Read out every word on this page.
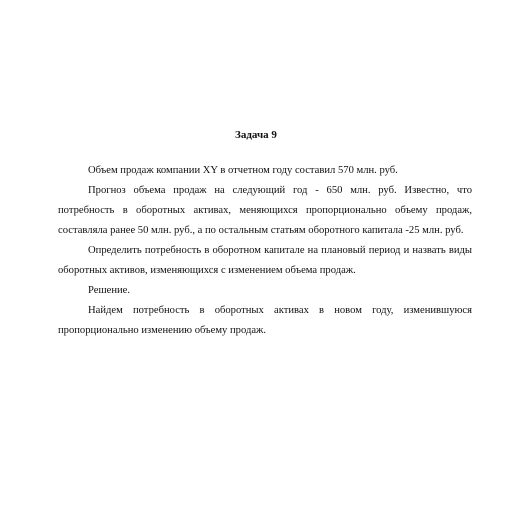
Задача 9

Объем продаж компании XY в отчетном году составил 570 млн. руб.

Прогноз объема продаж на следующий год - 650 млн. руб. Известно, что потребность в оборотных активах, меняющихся пропорционально объему продаж, составляла ранее 50 млн. руб., а по остальным статьям оборотного капитала -25 млн. руб.

Определить потребность в оборотном капитале на плановый период и назвать виды оборотных активов, изменяющихся с изменением объема продаж.

Решение.

Найдем потребность в оборотных активах в новом году, изменившуюся пропорционально изменению объему продаж.
